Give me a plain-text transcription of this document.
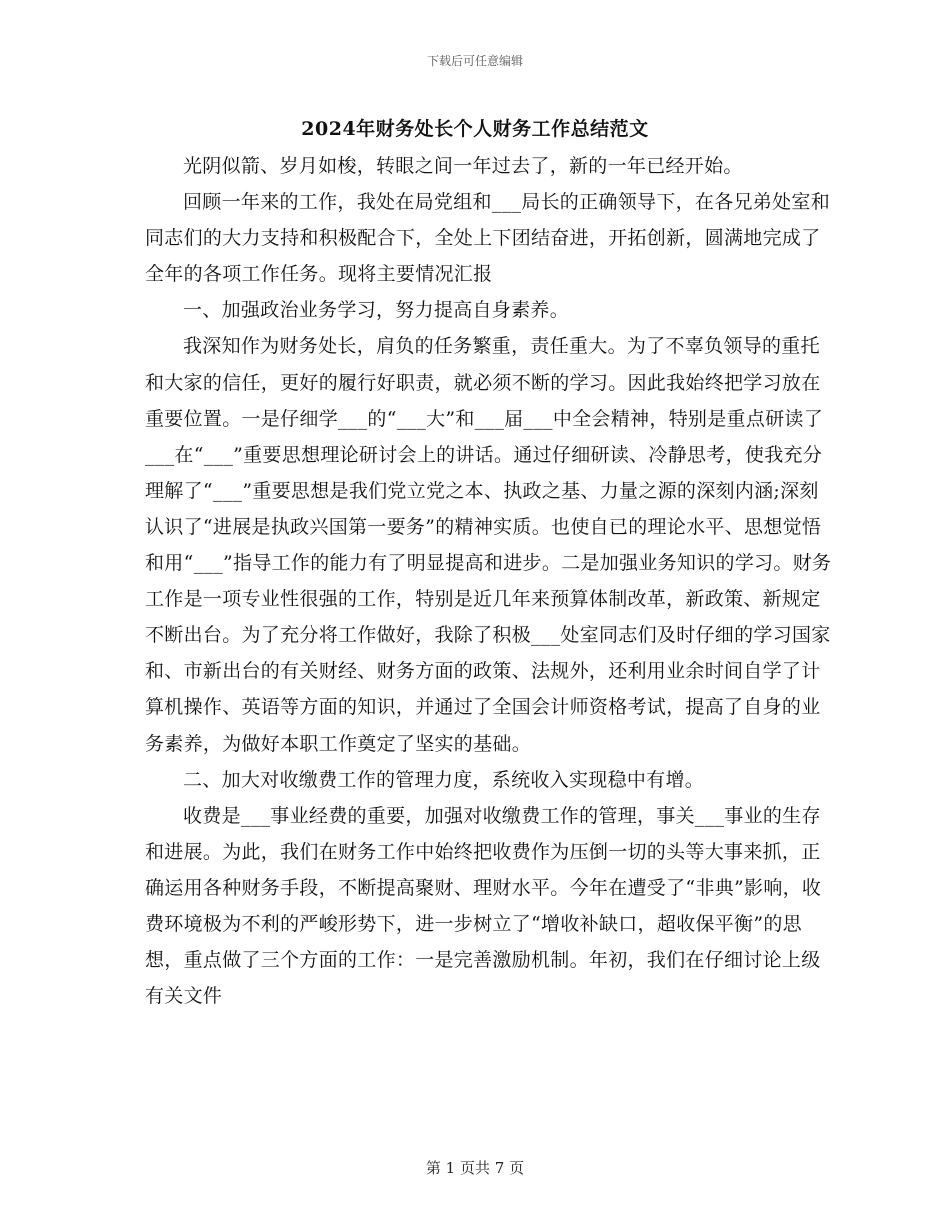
下载后可任意编辑
2024年财务处长个人财务工作总结范文

光阴似箭、岁月如梭，转眼之间一年过去了，新的一年已经开始。

回顾一年来的工作，我处在局党组和___局长的正确领导下，在各兄弟处室和同志们的大力支持和积极配合下，全处上下团结奋进，开拓创新，圆满地完成了全年的各项工作任务。现将主要情况汇报

一、加强政治业务学习，努力提高自身素养。

我深知作为财务处长，肩负的任务繁重，责任重大。为了不辜负领导的重托和大家的信任，更好的履行好职责，就必须不断的学习。因此我始终把学习放在重要位置。一是仔细学___的“___大”和___届___中全会精神，特别是重点研读了___在“___”重要思想理论研讨会上的讲话。通过仔细研读、冷静思考，使我充分理解了“___”重要思想是我们党立党之本、执政之基、力量之源的深刻内涵;深刻认识了“进展是执政兴国第一要务”的精神实质。也使自已的理论水平、思想觉悟和用“___”指导工作的能力有了明显提高和进步。二是加强业务知识的学习。财务工作是一项专业性很强的工作，特别是近几年来预算体制改革，新政策、新规定不断出台。为了充分将工作做好，我除了积极___处室同志们及时仔细的学习国家和、市新出台的有关财经、财务方面的政策、法规外，还利用业余时间自学了计算机操作、英语等方面的知识，并通过了全国会计师资格考试，提高了自身的业务素养，为做好本职工作奠定了坚实的基础。

二、加大对收缴费工作的管理力度，系统收入实现稳中有增。

收费是___事业经费的重要，加强对收缴费工作的管理，事关___事业的生存和进展。为此，我们在财务工作中始终把收费作为压倒一切的头等大事来抓，正确运用各种财务手段，不断提高聚财、理财水平。今年在遭受了“非典”影响，收费环境极为不利的严峻形势下，进一步树立了“增收补缺口，超收保平衡”的思想，重点做了三个方面的工作：一是完善激励机制。年初，我们在仔细讨论上级有关文件

第 1 页共 7 页
